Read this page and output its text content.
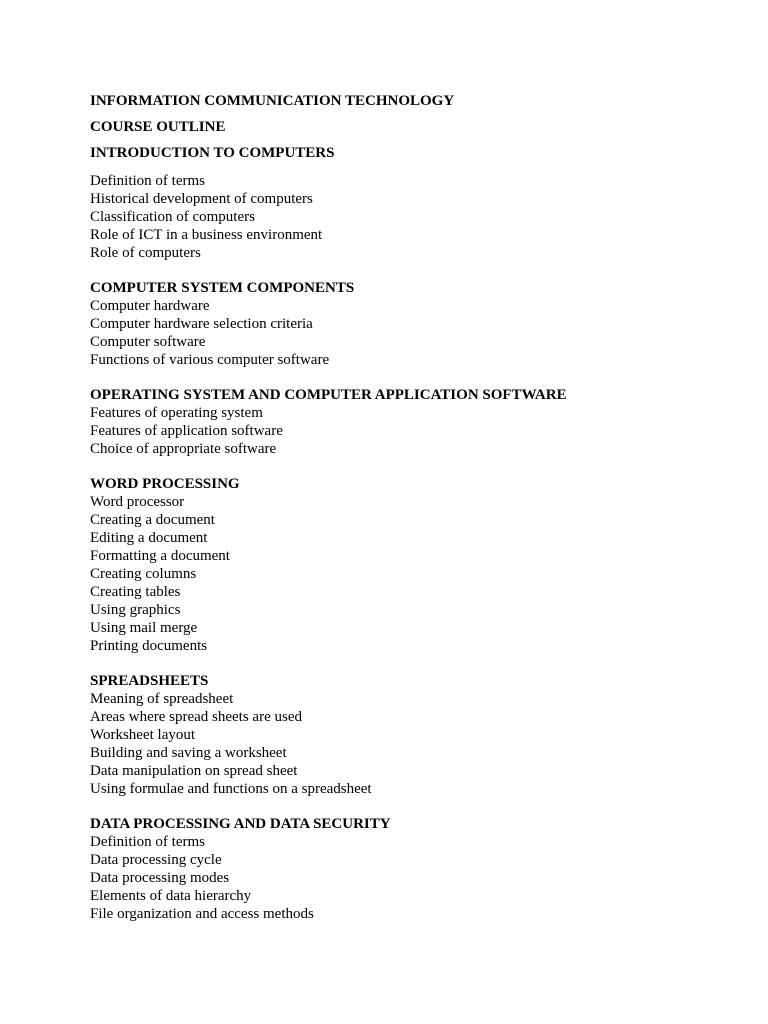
INFORMATION COMMUNICATION TECHNOLOGY
COURSE OUTLINE
INTRODUCTION TO COMPUTERS
Definition of terms
Historical development of computers
Classification of computers
Role of ICT in a business environment
Role of computers
COMPUTER SYSTEM COMPONENTS
Computer hardware
Computer hardware selection criteria
Computer software
Functions of various computer software
OPERATING SYSTEM AND COMPUTER APPLICATION SOFTWARE
Features of operating system
Features of application software
Choice of appropriate software
WORD PROCESSING
Word processor
Creating a document
Editing a document
Formatting a document
Creating columns
Creating tables
Using graphics
Using mail merge
Printing documents
SPREADSHEETS
Meaning of spreadsheet
Areas where spread sheets are used
Worksheet layout
Building and saving a worksheet
Data manipulation on spread sheet
Using formulae and functions on a spreadsheet
DATA PROCESSING AND DATA SECURITY
Definition of terms
Data processing cycle
Data processing modes
Elements of data hierarchy
File organization and access methods
